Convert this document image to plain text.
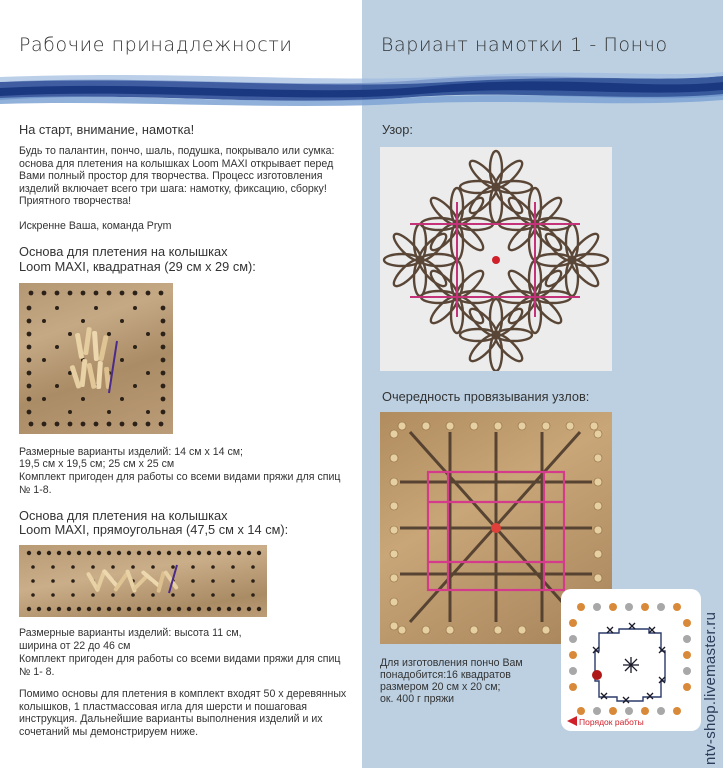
Рабочие принадлежности	Вариант намотки 1 - Пончо
На старт, внимание, намотка!
Будь то палантин, пончо, шаль, подушка, покрывало или сумка: основа для плетения на колышках Loom MAXI открывает перед Вами полный простор для творчества. Процесс изготовления изделий включает всего три шага: намотку, фиксацию, сборку! Приятного творчества!
Искренне Ваша, команда Prym
Основа для плетения на колышках
Loom MAXI, квадратная (29 см х 29 см):
Размерные варианты изделий: 14 см х 14 см;
19,5 см х 19,5 см; 25 см х 25 см
Комплект пригоден для работы со всеми видами пряжи для спиц № 1-8.
Основа для плетения на колышках
Loom MAXI, прямоугольная (47,5 см х 14 см):
Размерные варианты изделий: высота 11 см,
ширина от 22 до 46 см
Комплект пригоден для работы со всеми видами пряжи для спиц № 1- 8.
Помимо основы для плетения в комплект входят 50 х деревянных колышков, 1 пластмассовая игла для шерсти и пошаговая инструкция. Дальнейшие варианты выполнения изделий и их сочетаний мы демонстрируем ниже.
Узор:
Очередность провязывания узлов:
Для изготовления пончо Вам
понадобится:16 квадратов
размером 20 см х 20 см;
ок. 400 г пряжи
Порядок работы	ntv-shop.livemaster.ru
